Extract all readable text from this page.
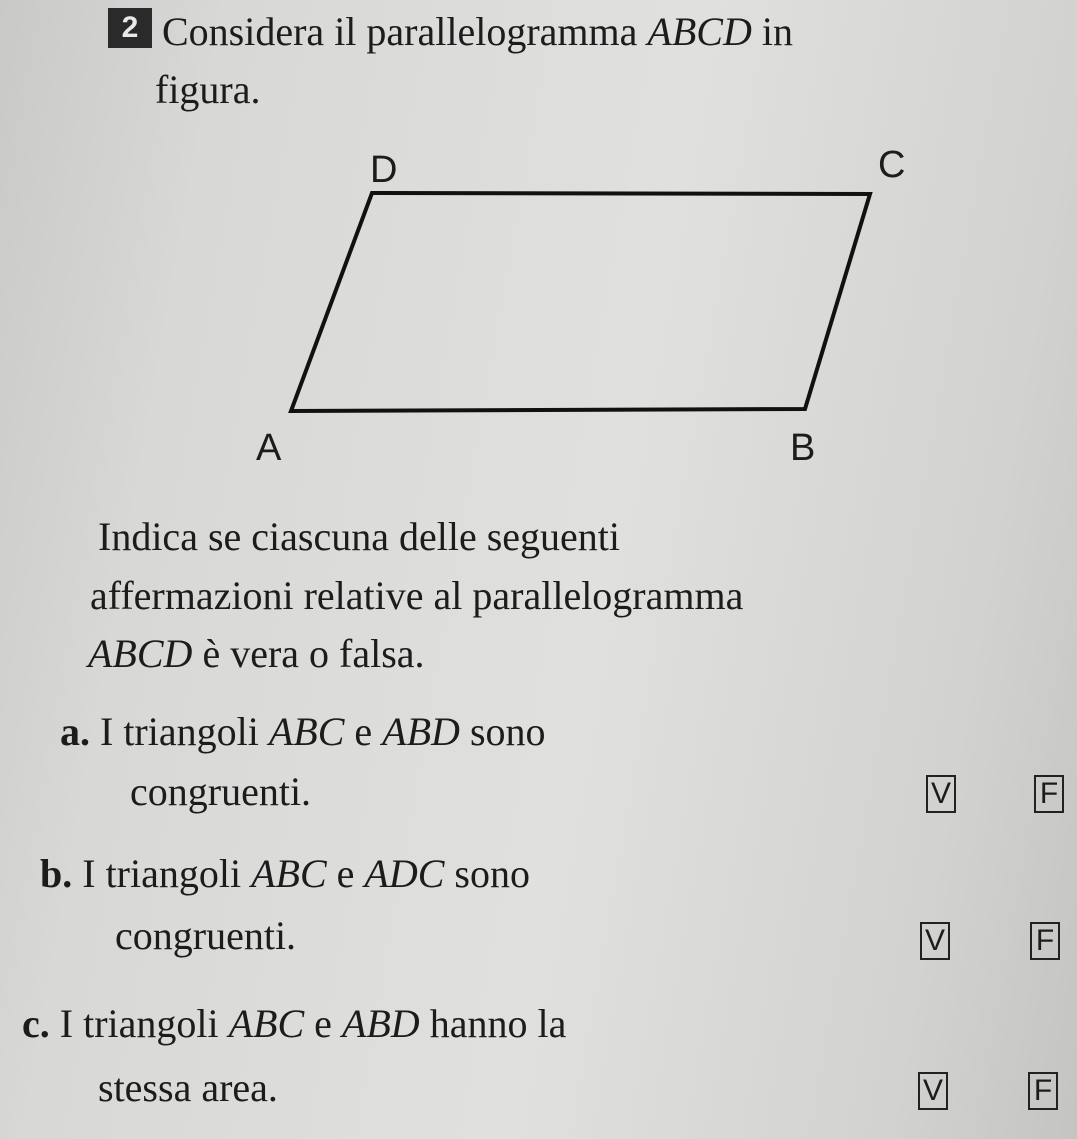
2 Considera il parallelogramma ABCD in
figura.
D	C
A	B
Indica se ciascuna delle seguenti
affermazioni relative al parallelogramma
ABCD è vera o falsa.
a. I triangoli ABC e ABD sono
congruenti.	V	F
b. I triangoli ABC e ADC sono
congruenti.	V	F
c. I triangoli ABC e ABD hanno la
stessa area.	V	F
